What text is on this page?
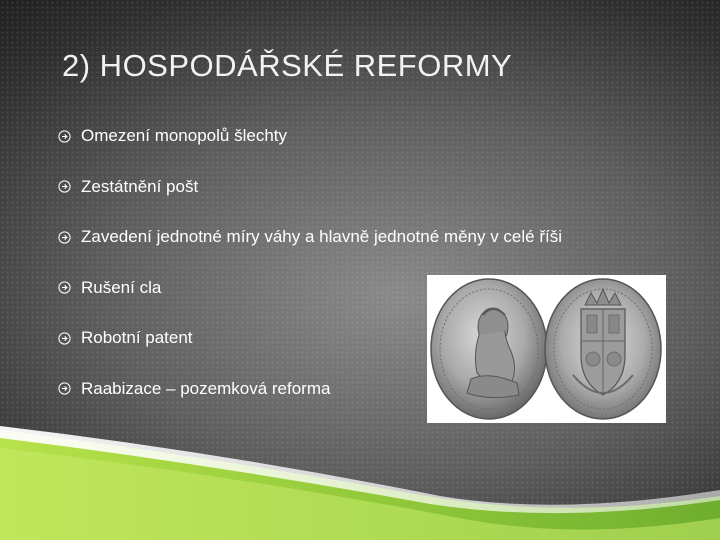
2) HOSPODÁŘSKÉ REFORMY
Omezení monopolů šlechty
Zestátnění pošt
Zavedení jednotné míry váhy a hlavně jednotné měny v celé říši
Rušení cla
Robotní patent
Raabizace – pozemková reforma
